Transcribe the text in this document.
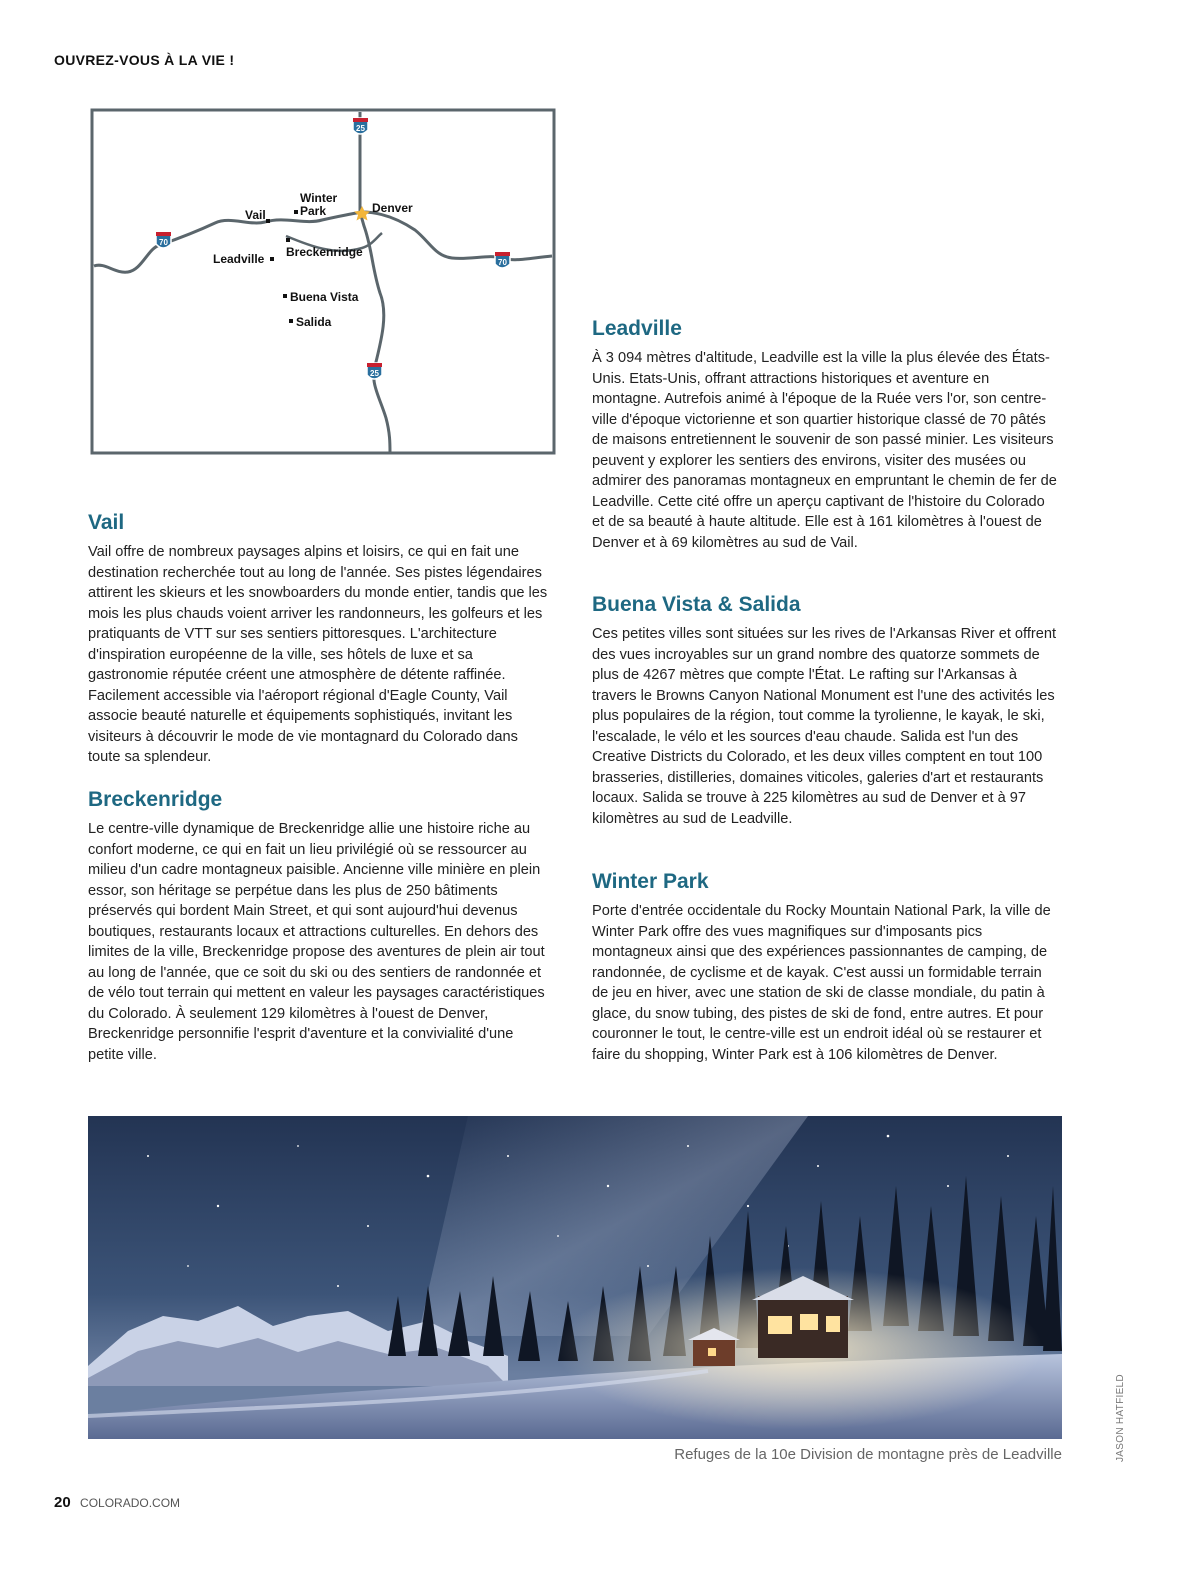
OUVREZ-VOUS À LA VIE !
25
70
70
25
Winter
Park
Vail	Denver
Leadville Breckenridge
Buena Vista
Salida
Vail

Vail offre de nombreux paysages alpins et loisirs, ce qui en fait une destination recherchée tout au long de l'année. Ses pistes légendaires attirent les skieurs et les snowboarders du monde entier, tandis que les mois les plus chauds voient arriver les randonneurs, les golfeurs et les pratiquants de VTT sur ses sentiers pittoresques. L'architecture d'inspiration européenne de la ville, ses hôtels de luxe et sa gastronomie réputée créent une atmosphère de détente raffinée. Facilement accessible via l'aéroport régional d'Eagle County, Vail associe beauté naturelle et équipements sophistiqués, invitant les visiteurs à découvrir le mode de vie montagnard du Colorado dans toute sa splendeur.

Breckenridge

Le centre-ville dynamique de Breckenridge allie une histoire riche au confort moderne, ce qui en fait un lieu privilégié où se ressourcer au milieu d'un cadre montagneux paisible. Ancienne ville minière en plein essor, son héritage se perpétue dans les plus de 250 bâtiments préservés qui bordent Main Street, et qui sont aujourd'hui devenus boutiques, restaurants locaux et attractions culturelles. En dehors des limites de la ville, Breckenridge propose des aventures de plein air tout au long de l'année, que ce soit du ski ou des sentiers de randonnée et de vélo tout terrain qui mettent en valeur les paysages caractéristiques du Colorado. À seulement 129 kilomètres à l'ouest de Denver, Breckenridge personnifie l'esprit d'aventure et la convivialité d'une petite ville.

Leadville

À 3 094 mètres d'altitude, Leadville est la ville la plus élevée des États-Unis. Etats-Unis, offrant attractions historiques et aventure en montagne. Autrefois animé à l'époque de la Ruée vers l'or, son centre-ville d'époque victorienne et son quartier historique classé de 70 pâtés de maisons entretiennent le souvenir de son passé minier. Les visiteurs peuvent y explorer les sentiers des environs, visiter des musées ou admirer des panoramas montagneux en empruntant le chemin de fer de Leadville. Cette cité offre un aperçu captivant de l'histoire du Colorado et de sa beauté à haute altitude. Elle est à 161 kilomètres à l'ouest de Denver et à 69 kilomètres au sud de Vail.

Buena Vista & Salida

Ces petites villes sont situées sur les rives de l'Arkansas River et offrent des vues incroyables sur un grand nombre des quatorze sommets de plus de 4267 mètres que compte l'État. Le rafting sur l'Arkansas à travers le Browns Canyon National Monument est l'une des activités les plus populaires de la région, tout comme la tyrolienne, le kayak, le ski, l'escalade, le vélo et les sources d'eau chaude. Salida est l'un des Creative Districts du Colorado, et les deux villes comptent en tout 100 brasseries, distilleries, domaines viticoles, galeries d'art et restaurants locaux. Salida se trouve à 225 kilomètres au sud de Denver et à 97 kilomètres au sud de Leadville.

Winter Park

Porte d'entrée occidentale du Rocky Mountain National Park, la ville de Winter Park offre des vues magnifiques sur d'imposants pics montagneux ainsi que des expériences passionnantes de camping, de randonnée, de cyclisme et de kayak. C'est aussi un formidable terrain de jeu en hiver, avec une station de ski de classe mondiale, du patin à glace, du snow tubing, des pistes de ski de fond, entre autres. Et pour couronner le tout, le centre-ville est un endroit idéal où se restaurer et faire du shopping, Winter Park est à 106 kilomètres de Denver.

Refuges de la 10e Division de montagne près de Leadville	JASON HATFIELD
20 COLORADO.COM
